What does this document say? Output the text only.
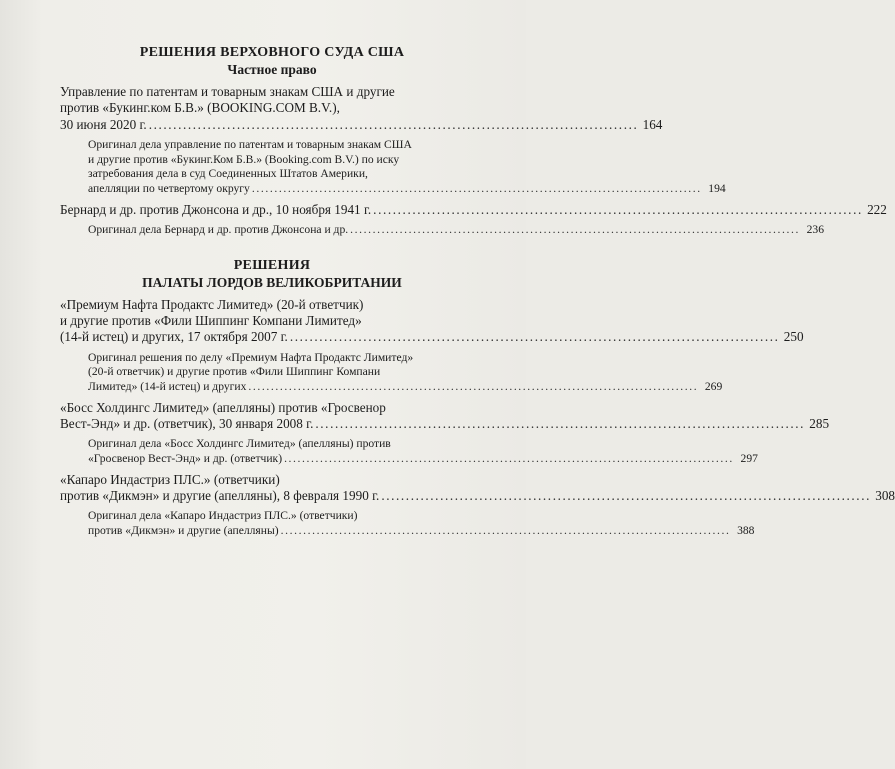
РЕШЕНИЯ ВЕРХОВНОГО СУДА США
Частное право
Управление по патентам и товарным знакам США и другие
против «Букинг.ком Б.В.» (BOOKING.COM B.V.),
30 июня 2020 г. .................................................................................................... 164
Оригинал дела управление по патентам и товарным знакам США
и другие против «Букинг.Ком Б.В.» (Booking.com B.V.) по иску
затребования дела в суд Соединенных Штатов Америки,
апелляции по четвертому округу .................................................................................................... 194
Бернард и др. против Джонсона и др., 10 ноября 1941 г. .................................................................................................... 222
Оригинал дела Бернард и др. против Джонсона и др. .................................................................................................... 236
РЕШЕНИЯ
ПАЛАТЫ ЛОРДОВ ВЕЛИКОБРИТАНИИ
«Премиум Нафта Продактс Лимитед» (20-й ответчик)
и другие против «Фили Шиппинг Компани Лимитед»
(14-й истец) и других, 17 октября 2007 г. .................................................................................................... 250
Оригинал решения по делу «Премиум Нафта Продактс Лимитед»
(20-й ответчик) и другие против «Фили Шиппинг Компани
Лимитед» (14-й истец) и других .................................................................................................... 269
«Босс Холдингс Лимитед» (апелляны) против «Гросвенор
Вест-Энд» и др. (ответчик), 30 января 2008 г. .................................................................................................... 285
Оригинал дела «Босс Холдингс Лимитед» (апелляны) против
«Гросвенор Вест-Энд» и др. (ответчик) .................................................................................................... 297
«Капаро Индастриз ПЛС.» (ответчики)
против «Дикмэн» и другие (апелляны), 8 февраля 1990 г. .................................................................................................... 308
Оригинал дела «Капаро Индастриз ПЛС.» (ответчики)
против «Дикмэн» и другие (апелляны) .................................................................................................... 388
